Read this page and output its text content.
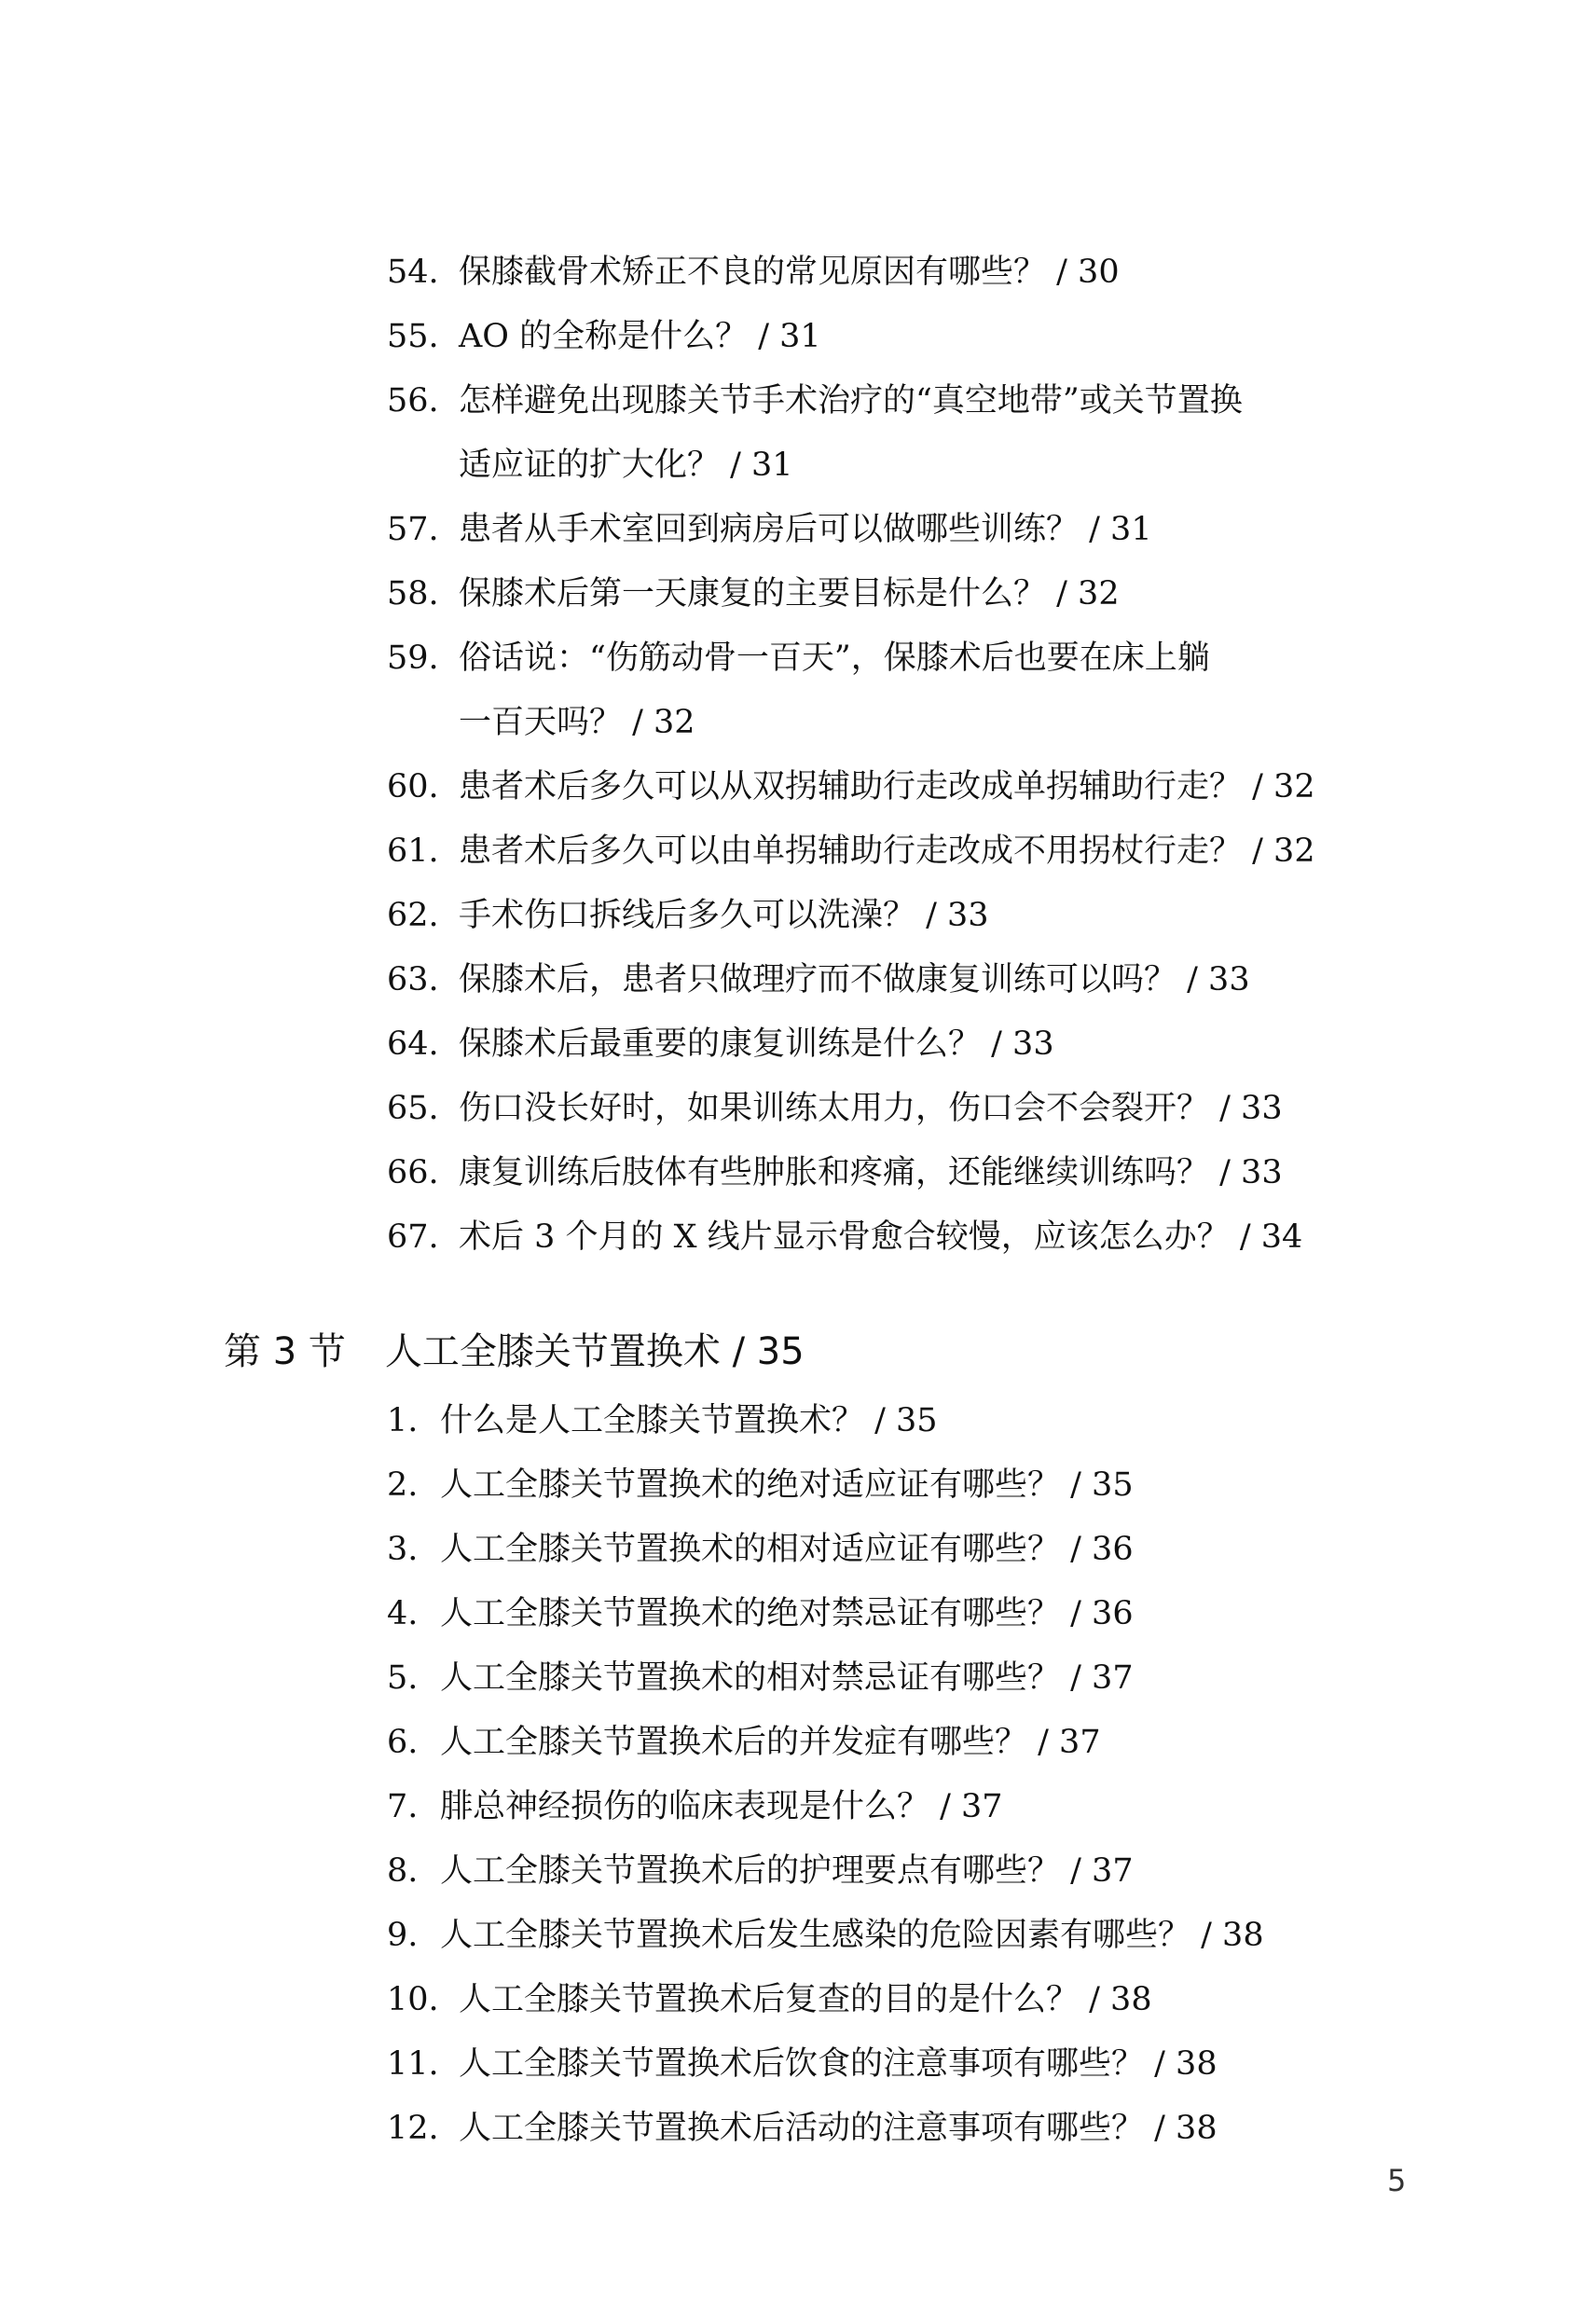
54. 保膝截骨术矫正不良的常见原因有哪些？ / 30
55. AO 的全称是什么？ / 31
56. 怎样避免出现膝关节手术治疗的“真空地带”或关节置换
适应证的扩大化？ / 31
57. 患者从手术室回到病房后可以做哪些训练？ / 31
58. 保膝术后第一天康复的主要目标是什么？ / 32
59. 俗话说：“伤筋动骨一百天”，保膝术后也要在床上躺
一百天吗？ / 32
60. 患者术后多久可以从双拐辅助行走改成单拐辅助行走？ / 32
61. 患者术后多久可以由单拐辅助行走改成不用拐杖行走？ / 32
62. 手术伤口拆线后多久可以洗澡？ / 33
63. 保膝术后，患者只做理疗而不做康复训练可以吗？ / 33
64. 保膝术后最重要的康复训练是什么？ / 33
65. 伤口没长好时，如果训练太用力，伤口会不会裂开？ / 33
66. 康复训练后肢体有些肿胀和疼痛，还能继续训练吗？ / 33
67. 术后 3 个月的 X 线片显示骨愈合较慢，应该怎么办？ / 34
第 3 节 人工全膝关节置换术 / 35
1. 什么是人工全膝关节置换术？ / 35
2. 人工全膝关节置换术的绝对适应证有哪些？ / 35
3. 人工全膝关节置换术的相对适应证有哪些？ / 36
4. 人工全膝关节置换术的绝对禁忌证有哪些？ / 36
5. 人工全膝关节置换术的相对禁忌证有哪些？ / 37
6. 人工全膝关节置换术后的并发症有哪些？ / 37
7. 腓总神经损伤的临床表现是什么？ / 37
8. 人工全膝关节置换术后的护理要点有哪些？ / 37
9. 人工全膝关节置换术后发生感染的危险因素有哪些？ / 38
10. 人工全膝关节置换术后复查的目的是什么？ / 38
11. 人工全膝关节置换术后饮食的注意事项有哪些？ / 38
12. 人工全膝关节置换术后活动的注意事项有哪些？ / 38
5
